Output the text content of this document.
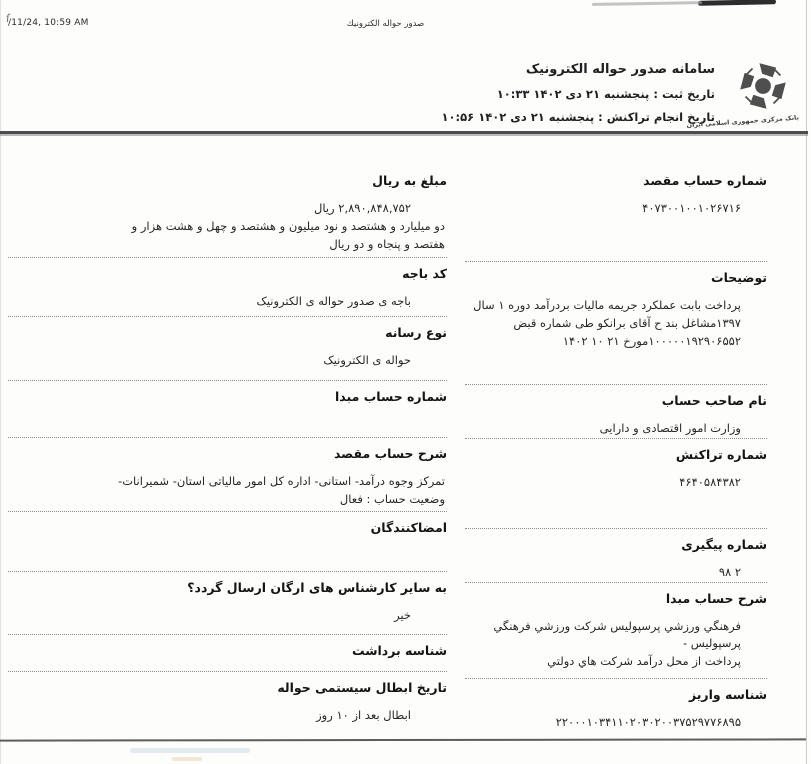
ſ
/11/24, 10:59 AM	صدور حواله الكترونيك
بانک مرکزی جمهوری اسلامی ایران
سامانه صدور حواله الکترونیک
تاریخ ثبت : پنجشنبه ۲۱ دی ۱۴۰۲ ۱۰:۳۳
تاریخ انجام تراکنش : پنجشنبه ۲۱ دی ۱۴۰۲ ۱۰:۵۶
شماره حساب مقصد
۴۰۷۳۰۰۱۰۰۱۰۲۶۷۱۶
توضیحات
پرداخت بابت عملکرد جریمه مالیات بردرآمد دوره ۱ سال
۱۳۹۷مشاغل بند ح آقای برانکو طی شماره قبض
۱۰۰۰۰۰۱۹۲۹۰۶۵۵۲مورخ ۲۱ ۱۰ ۱۴۰۲
نام صاحب حساب
وزارت امور اقتصادی و دارایی
شماره تراکنش
۴۶۴۰۵۸۴۳۸۲
شماره پیگیری
۹۸ ۲
شرح حساب مبدا
فرهنگي ورزشي پرسپوليس شركت ورزشي فرهنگي پرسپوليس -
پرداخت از محل درآمد شركت هاي دولتي
شناسه واریز
۲۲۰۰۰۱۰۳۴۱۱۰۲۰۳۰۲۰۰۳۷۵۲۹۷۷۶۸۹۵
مبلغ به ریال
۲,۸۹۰,۸۴۸,۷۵۲ ریال
دو میلیارد و هشتصد و نود میلیون و هشتصد و چهل و هشت هزار و
هفتصد و پنجاه و دو ریال
کد باجه
باجه ی صدور حواله ی الکترونیک
نوع رسانه
حواله ی الکترونیک
شماره حساب مبدا
شرح حساب مقصد
تمرکز وجوه درآمد- استانی- اداره کل امور مالیاتی استان- شمیرانات-
وضعیت حساب : فعال
امضاکنندگان
به سایر کارشناس های ارگان ارسال گردد؟
خیر
شناسه برداشت
تاریخ ابطال سیستمی حواله
ابطال بعد از ۱۰ روز
